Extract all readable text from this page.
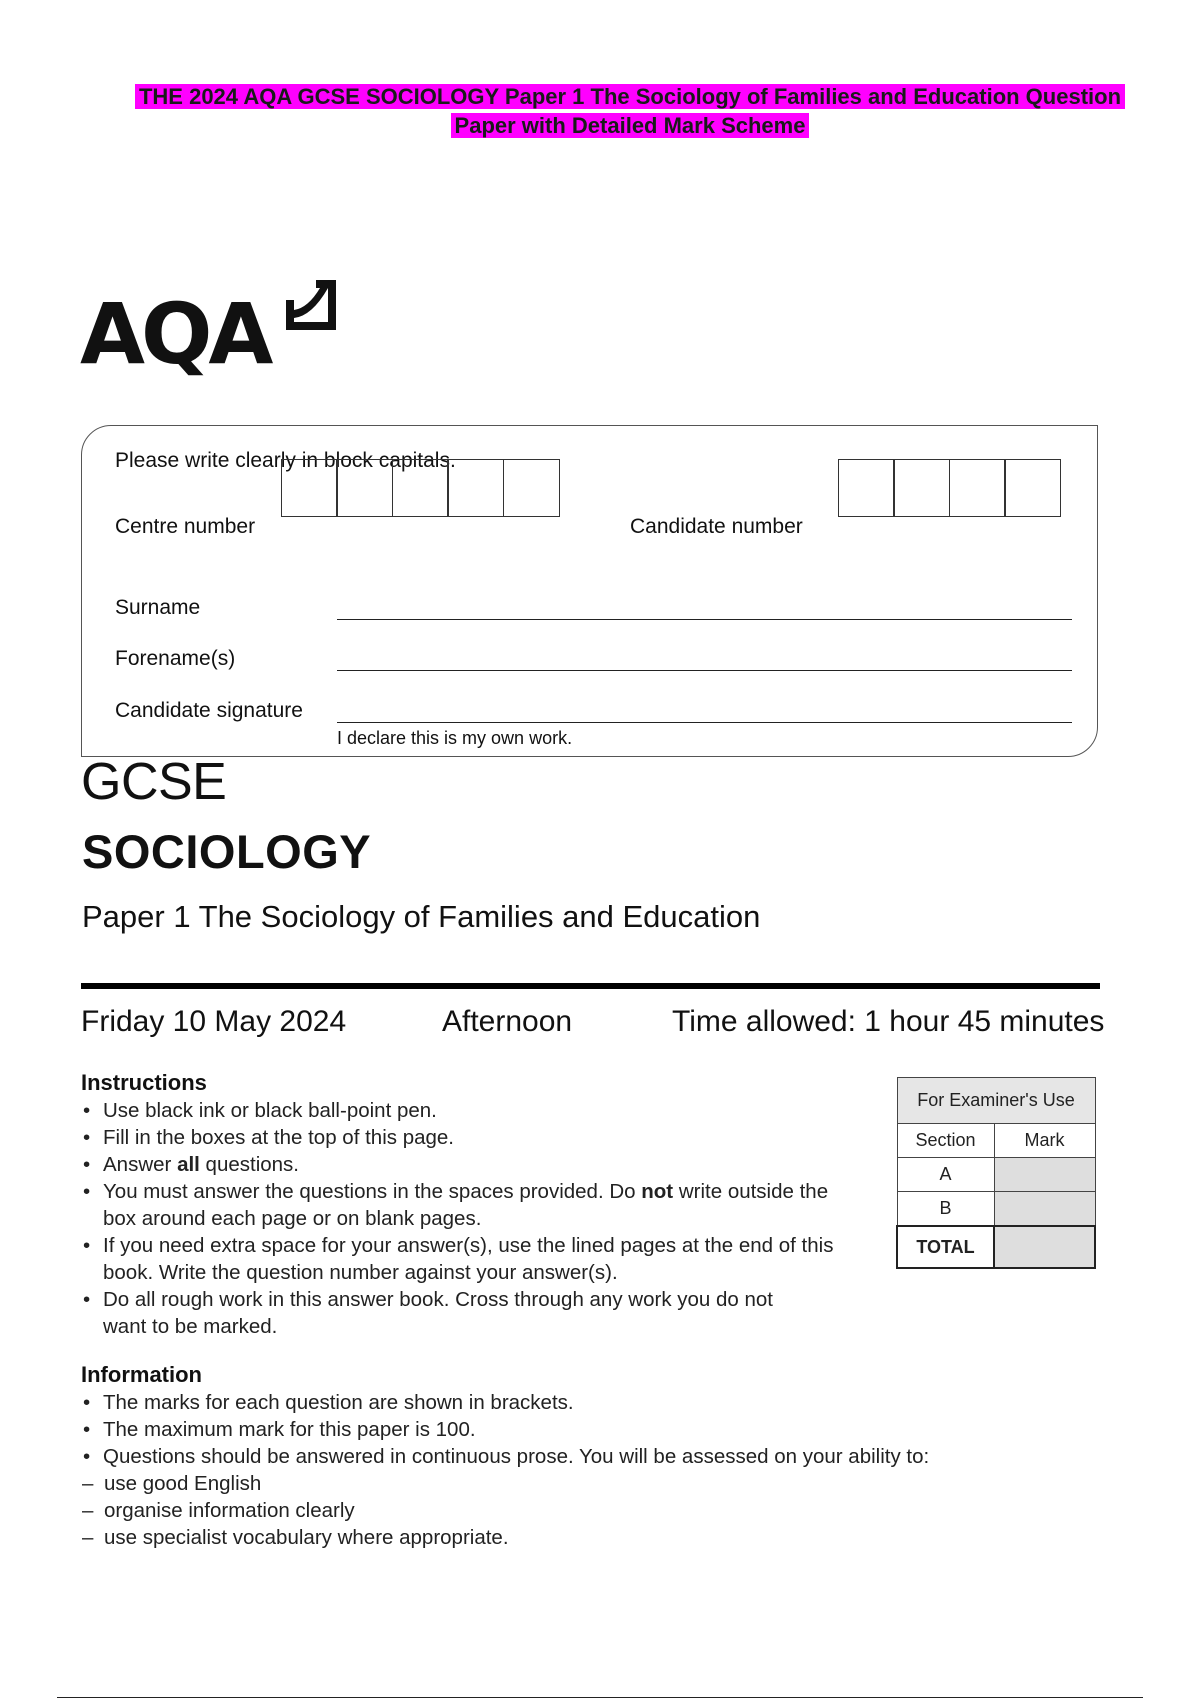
THE 2024 AQA GCSE SOCIOLOGY Paper 1 The Sociology of Families and Education Question
Paper with Detailed Mark Scheme
AQA
Please write clearly in block capitals.
Centre number	Candidate number
Surname
Forename(s)
Candidate signature
I declare this is my own work.
GCSE
SOCIOLOGY
Paper 1 The Sociology of Families and Education
Friday 10 May 2024	Afternoon	Time allowed: 1 hour 45 minutes
Instructions
• Use black ink or black ball-point pen.
• Fill in the boxes at the top of this page.
• Answer all questions.
• You must answer the questions in the spaces provided. Do not write outside the box around each page or on blank pages.
• If you need extra space for your answer(s), use the lined pages at the end of this book. Write the question number against your answer(s).
• Do all rough work in this answer book. Cross through any work you do not want to be marked.
For Examiner's Use	
Section	Mark
A	
B	
TOTAL	
Information
• The marks for each question are shown in brackets.
• The maximum mark for this paper is 100.
• Questions should be answered in continuous prose. You will be assessed on your ability to:
– use good English
– organise information clearly
– use specialist vocabulary where appropriate.
